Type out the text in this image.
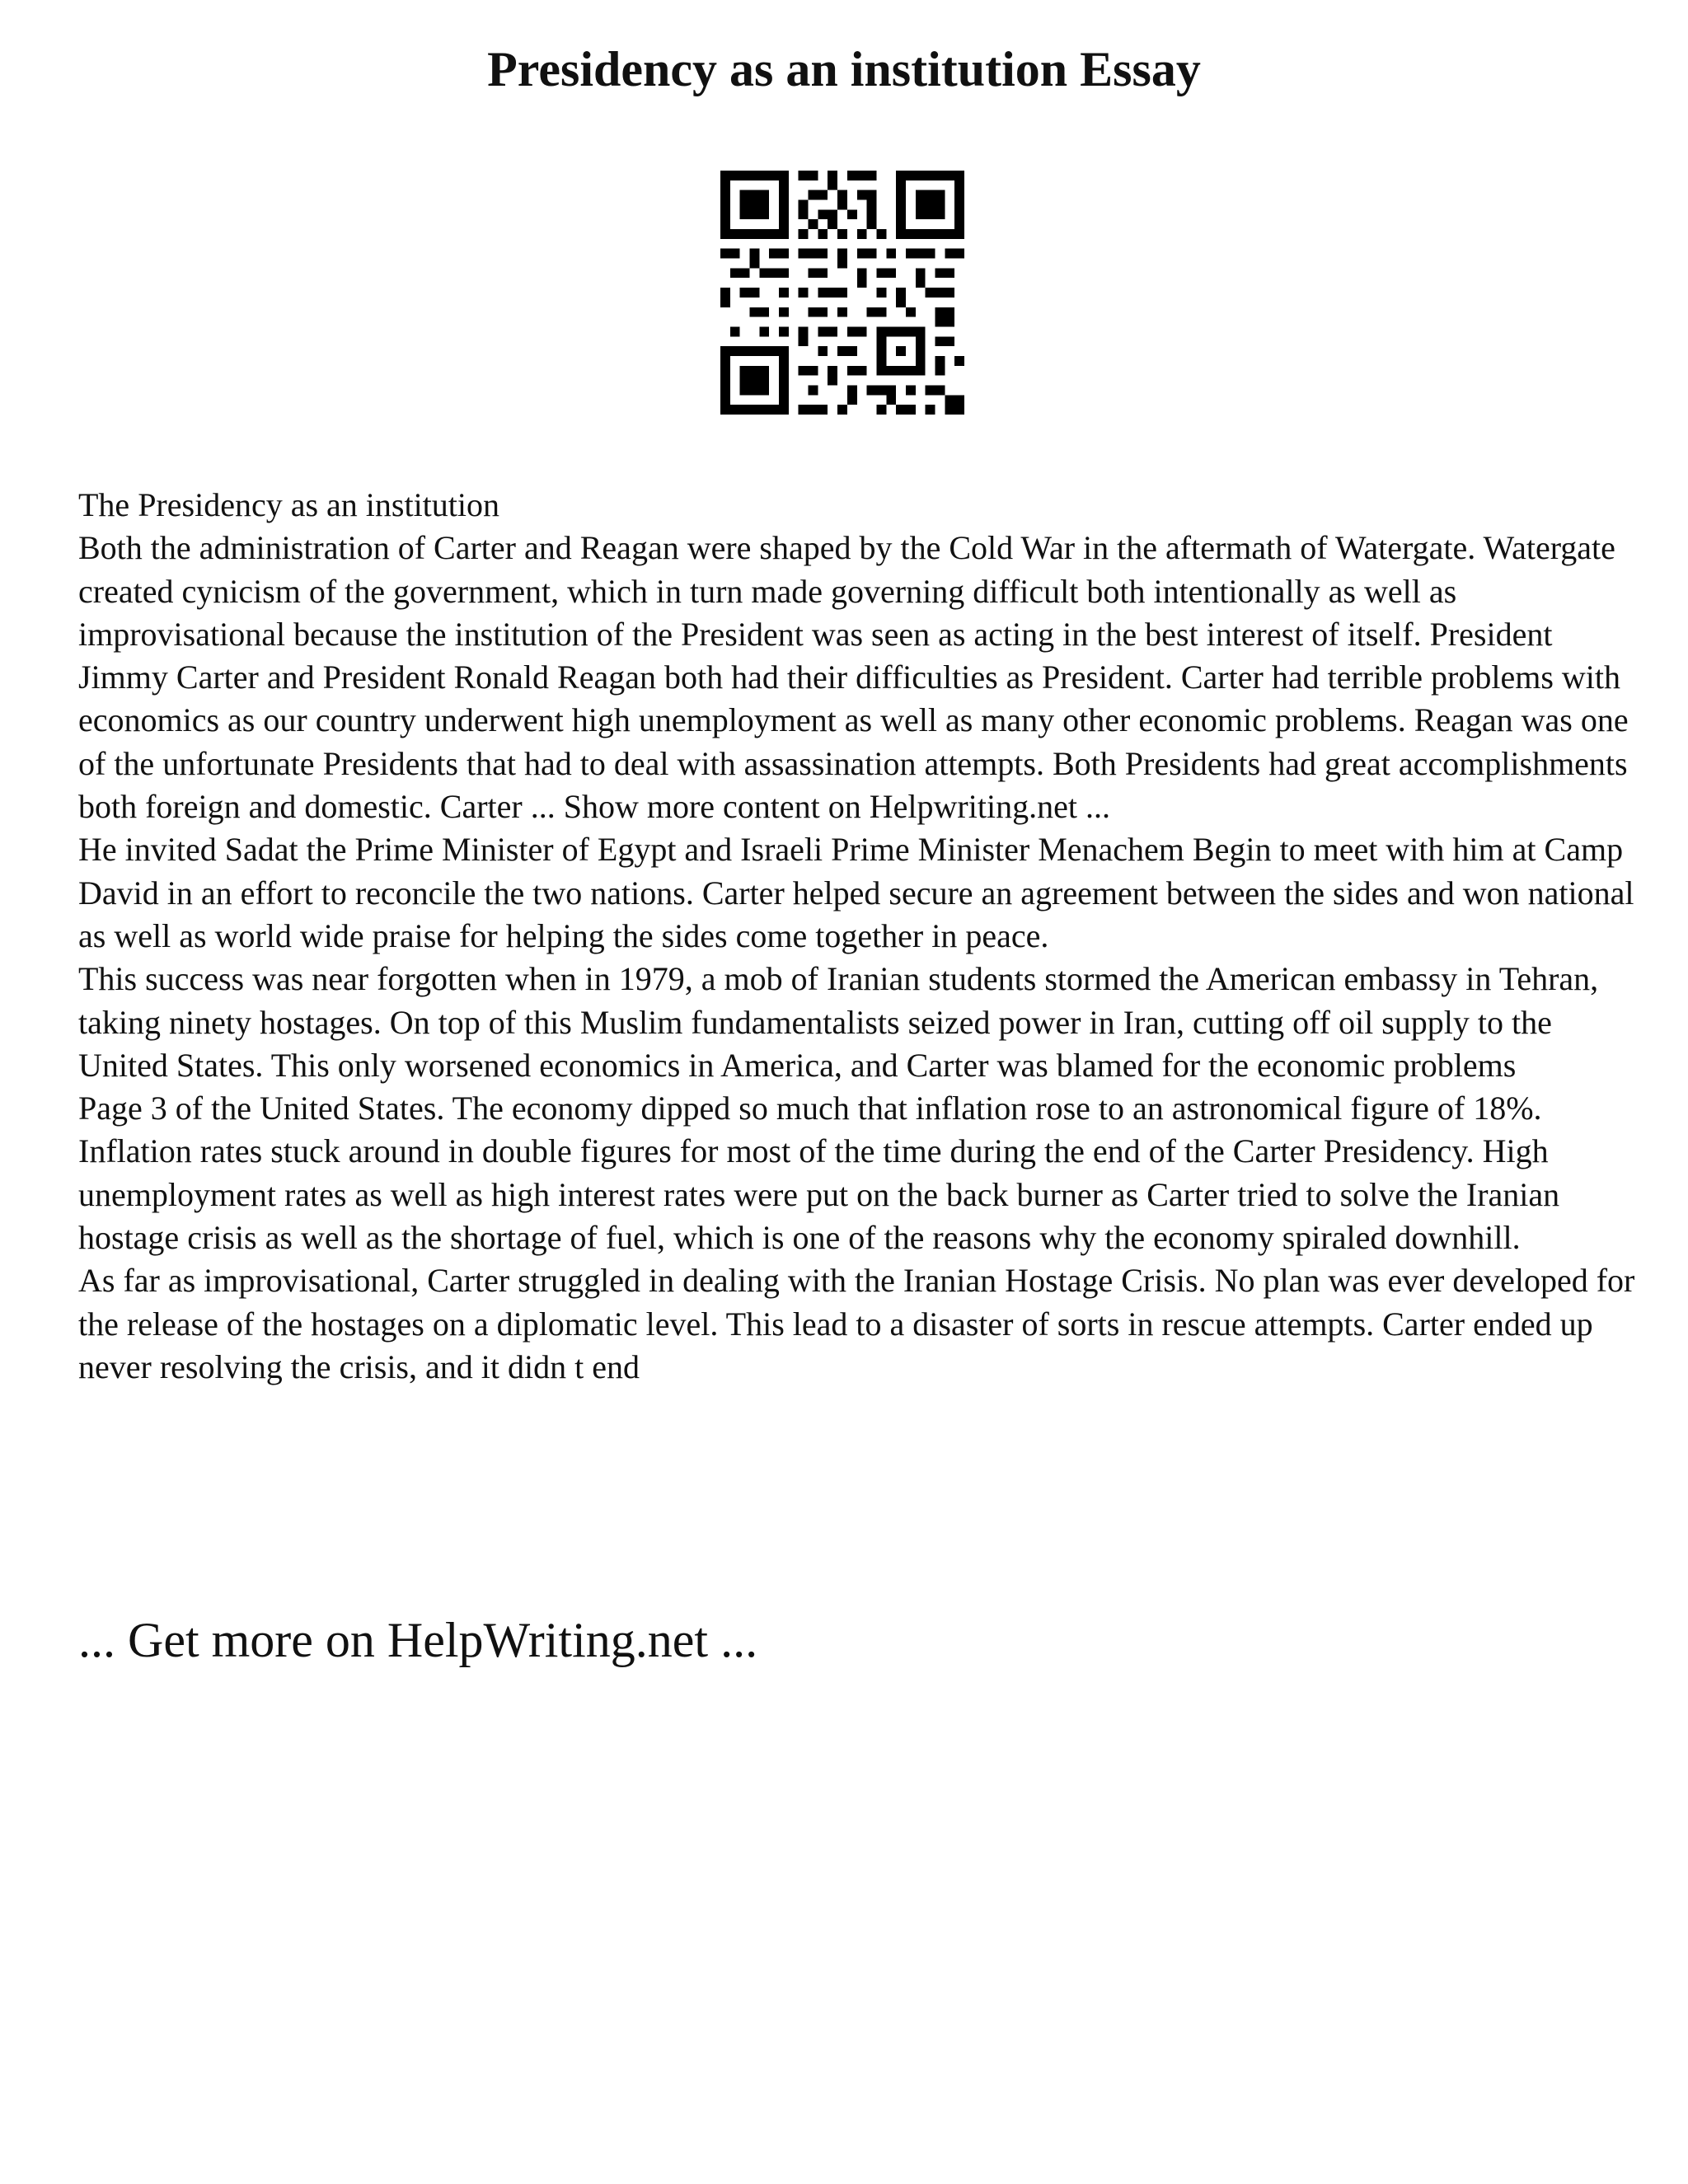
Presidency as an institution Essay

The Presidency as an institution

Both the administration of Carter and Reagan were shaped by the Cold War in the aftermath of Watergate. Watergate created cynicism of the government, which in turn made governing difficult both intentionally as well as improvisational because the institution of the President was seen as acting in the best interest of itself. President Jimmy Carter and President Ronald Reagan both had their difficulties as President. Carter had terrible problems with economics as our country underwent high unemployment as well as many other economic problems. Reagan was one of the unfortunate Presidents that had to deal with assassination attempts. Both Presidents had great accomplishments both foreign and domestic. Carter ... Show more content on Helpwriting.net ...

He invited Sadat the Prime Minister of Egypt and Israeli Prime Minister Menachem Begin to meet with him at Camp David in an effort to reconcile the two nations. Carter helped secure an agreement between the sides and won national as well as world wide praise for helping the sides come together in peace.

This success was near forgotten when in 1979, a mob of Iranian students stormed the American embassy in Tehran, taking ninety hostages. On top of this Muslim fundamentalists seized power in Iran, cutting off oil supply to the United States. This only worsened economics in America, and Carter was blamed for the economic problems

Page 3 of the United States. The economy dipped so much that inflation rose to an astronomical figure of 18%. Inflation rates stuck around in double figures for most of the time during the end of the Carter Presidency. High unemployment rates as well as high interest rates were put on the back burner as Carter tried to solve the Iranian hostage crisis as well as the shortage of fuel, which is one of the reasons why the economy spiraled downhill.

As far as improvisational, Carter struggled in dealing with the Iranian Hostage Crisis. No plan was ever developed for the release of the hostages on a diplomatic level. This lead to a disaster of sorts in rescue attempts. Carter ended up never resolving the crisis, and it didn t end

... Get more on HelpWriting.net ...
